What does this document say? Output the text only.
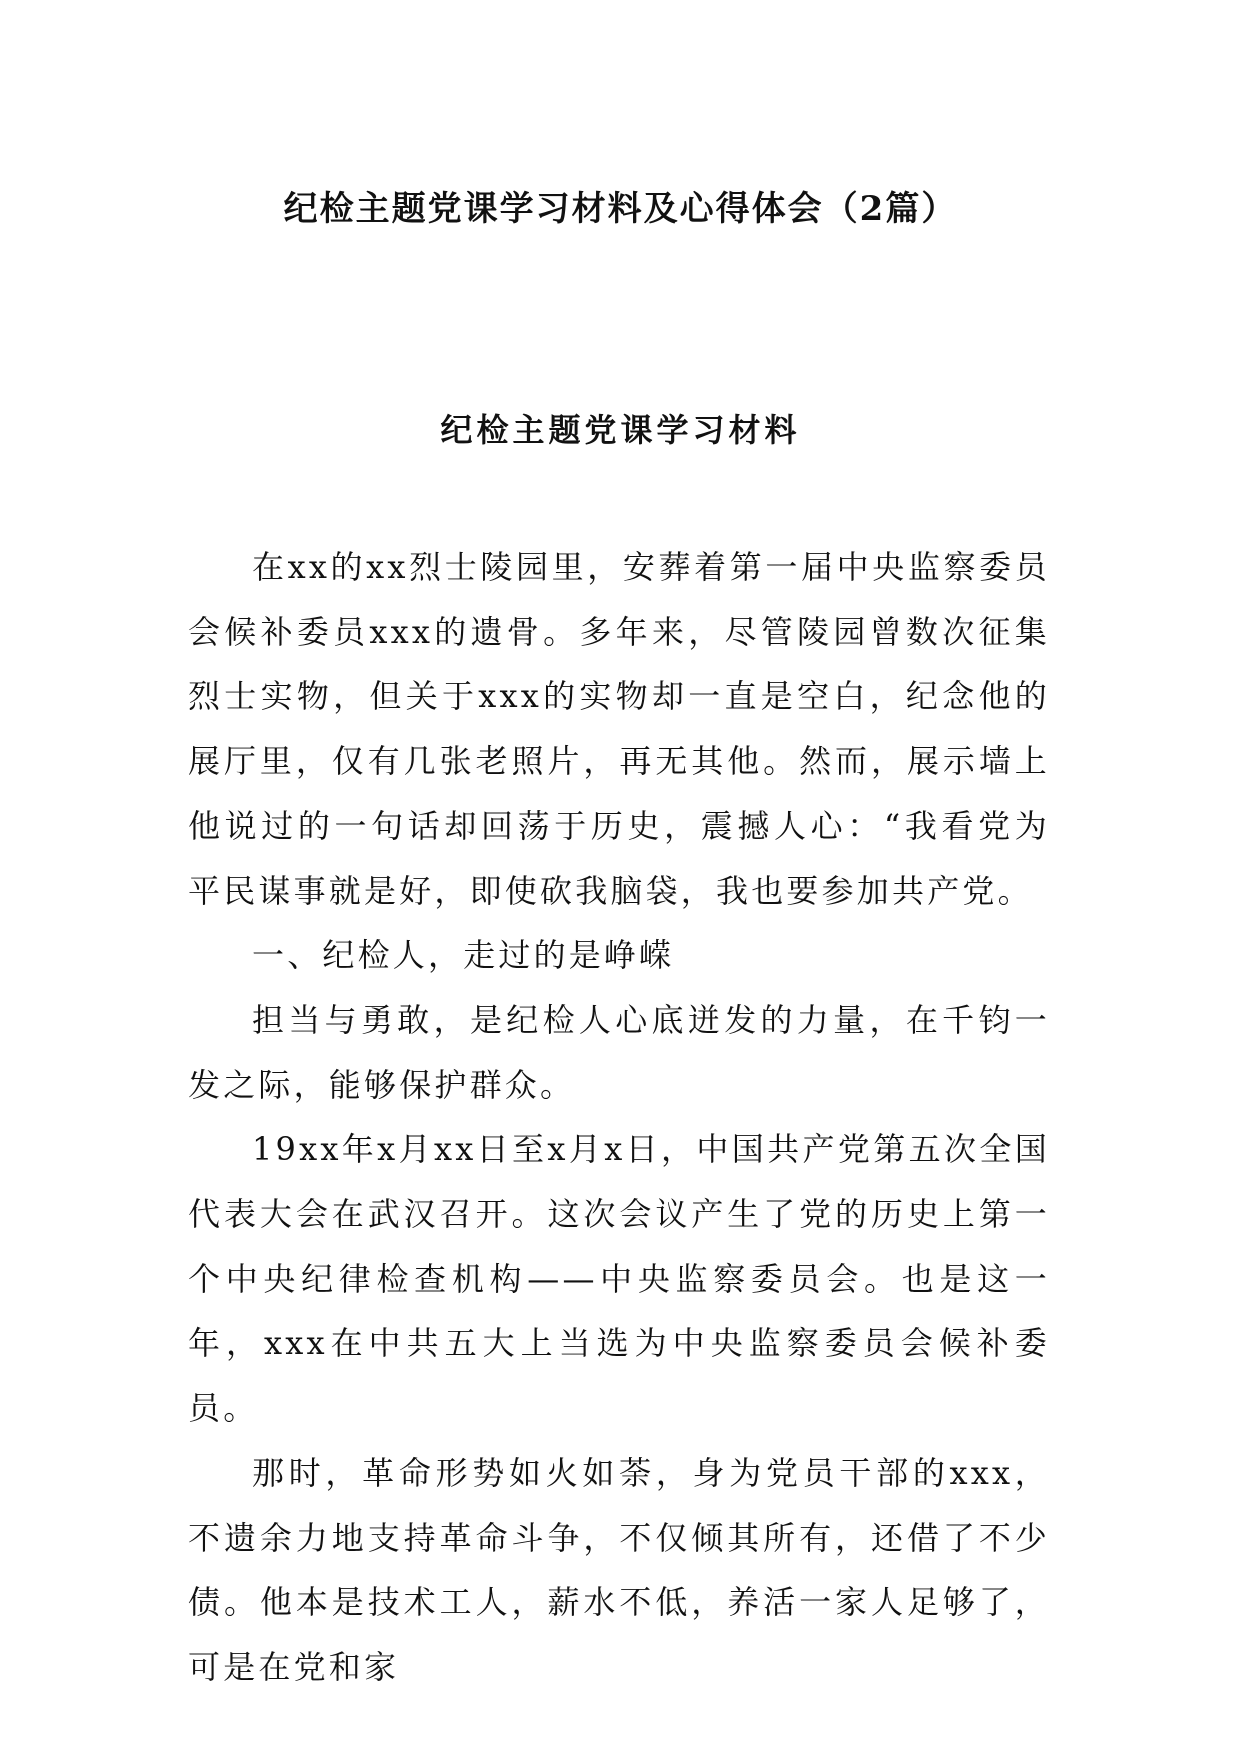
纪检主题党课学习材料及心得体会（2篇）
纪检主题党课学习材料

在xx的xx烈士陵园里，安葬着第一届中央监察委员会候补委员xxx的遗骨。多年来，尽管陵园曾数次征集烈士实物，但关于xxx的实物却一直是空白，纪念他的展厅里，仅有几张老照片，再无其他。然而，展示墙上他说过的一句话却回荡于历史，震撼人心：“我看党为平民谋事就是好，即使砍我脑袋，我也要参加共产党。

一、纪检人，走过的是峥嵘

担当与勇敢，是纪检人心底迸发的力量，在千钧一发之际，能够保护群众。

19xx年x月xx日至x月x日，中国共产党第五次全国代表大会在武汉召开。这次会议产生了党的历史上第一个中央纪律检查机构——中央监察委员会。也是这一年，xxx在中共五大上当选为中央监察委员会候补委员。

那时，革命形势如火如荼，身为党员干部的xxx，不遗余力地支持革命斗争，不仅倾其所有，还借了不少债。他本是技术工人，薪水不低，养活一家人足够了，可是在党和家
